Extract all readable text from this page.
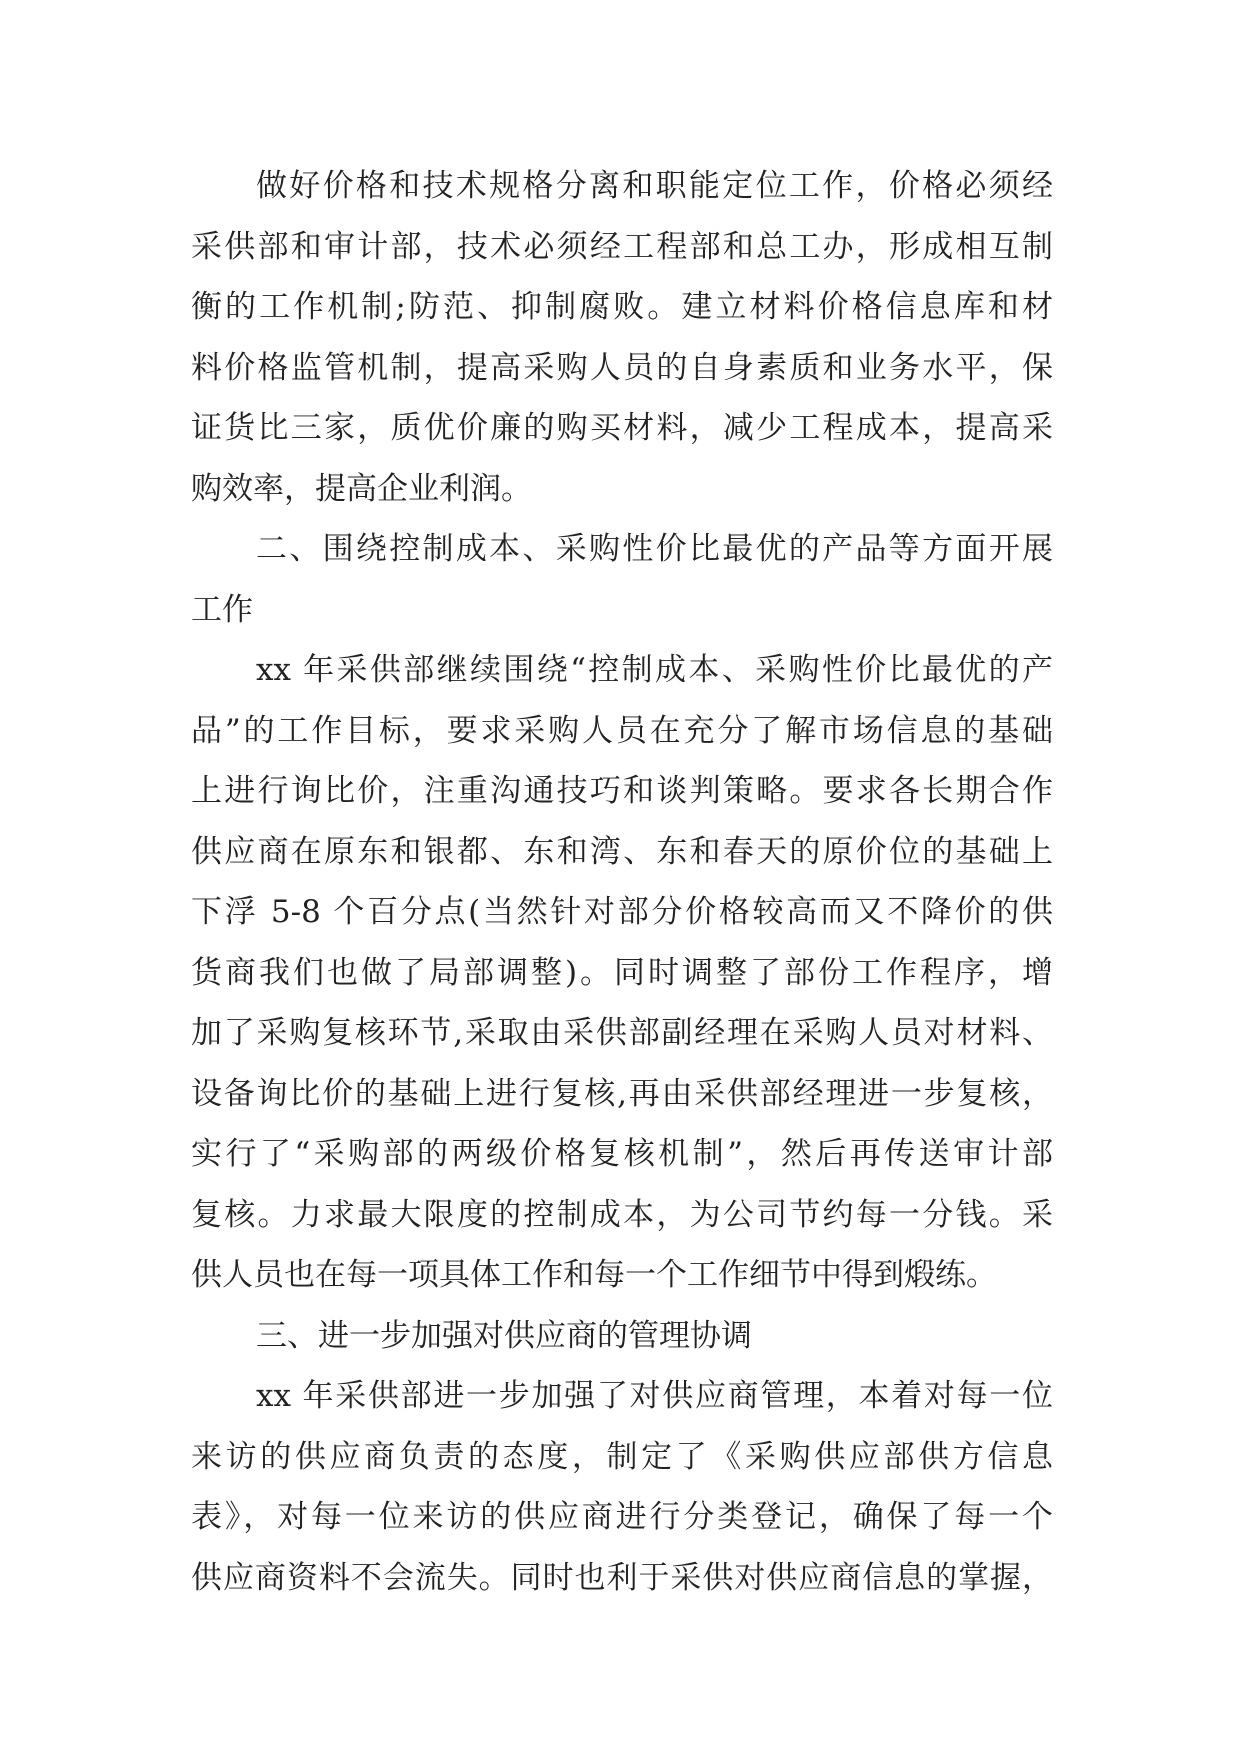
做好价格和技术规格分离和职能定位工作，价格必须经
采供部和审计部，技术必须经工程部和总工办，形成相互制
衡的工作机制;防范、抑制腐败。建立材料价格信息库和材
料价格监管机制，提高采购人员的自身素质和业务水平，保
证货比三家，质优价廉的购买材料，减少工程成本，提高采
购效率，提高企业利润。
二、围绕控制成本、采购性价比最优的产品等方面开展
工作
xx 年采供部继续围绕“控制成本、采购性价比最优的产
品”的工作目标，要求采购人员在充分了解市场信息的基础
上进行询比价，注重沟通技巧和谈判策略。要求各长期合作
供应商在原东和银都、东和湾、东和春天的原价位的基础上
下浮 5-8 个百分点(当然针对部分价格较高而又不降价的供
货商我们也做了局部调整)。同时调整了部份工作程序，增
加了采购复核环节,采取由采供部副经理在采购人员对材料、
设备询比价的基础上进行复核,再由采供部经理进一步复核，
实行了“采购部的两级价格复核机制”，然后再传送审计部
复核。力求最大限度的控制成本，为公司节约每一分钱。采
供人员也在每一项具体工作和每一个工作细节中得到煅练。
三、进一步加强对供应商的管理协调
xx 年采供部进一步加强了对供应商管理，本着对每一位
来访的供应商负责的态度，制定了《采购供应部供方信息
表》，对每一位来访的供应商进行分类登记，确保了每一个
供应商资料不会流失。同时也利于采供对供应商信息的掌握，
